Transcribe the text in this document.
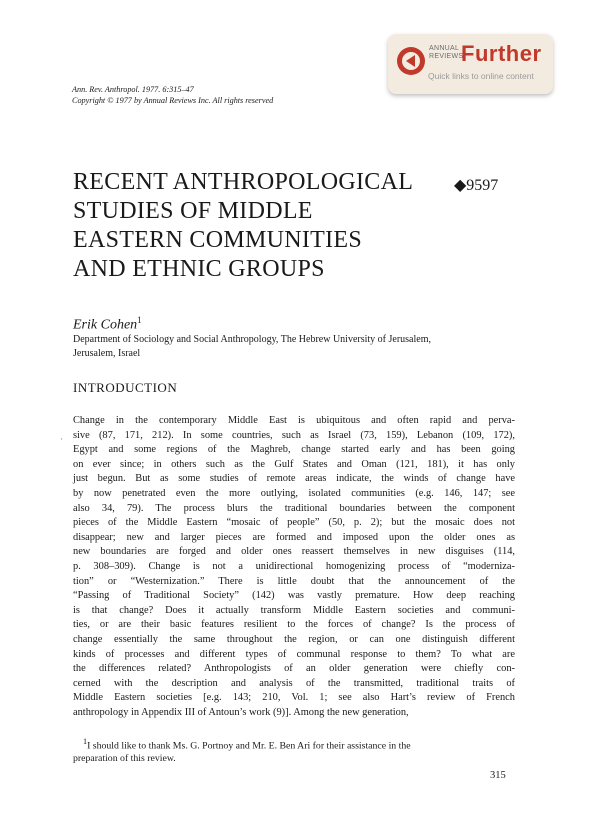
ANNUAL
REVIEWS
Further
Quick links to online content
Ann. Rev. Anthropol. 1977. 6:315–47
Copyright © 1977 by Annual Reviews Inc. All rights reserved
RECENT ANTHROPOLOGICAL
STUDIES OF MIDDLE
EASTERN COMMUNITIES
AND ETHNIC GROUPS
◆9597
Erik Cohen$^1$
Department of Sociology and Social Anthropology, The Hebrew University of Jerusalem,
Jerusalem, Israel
INTRODUCTION
·
Change in the contemporary Middle East is ubiquitous and often rapid and perva-
sive (87, 171, 212). In some countries, such as Israel (73, 159), Lebanon (109, 172),
Egypt and some regions of the Maghreb, change started early and has been going
on ever since; in others such as the Gulf States and Oman (121, 181), it has only
just begun. But as some studies of remote areas indicate, the winds of change have
by now penetrated even the more outlying, isolated communities (e.g. 146, 147; see
also 34, 79). The process blurs the traditional boundaries between the component
pieces of the Middle Eastern “mosaic of people” (50, p. 2); but the mosaic does not
disappear; new and larger pieces are formed and imposed upon the older ones as
new boundaries are forged and older ones reassert themselves in new disguises (114,
p. 308–309). Change is not a unidirectional homogenizing process of “moderniza-
tion” or “Westernization.” There is little doubt that the announcement of the
“Passing of Traditional Society” (142) was vastly premature. How deep reaching
is that change? Does it actually transform Middle Eastern societies and communi-
ties, or are their basic features resilient to the forces of change? Is the process of
change essentially the same throughout the region, or can one distinguish different
kinds of processes and different types of communal response to them? To what are
the differences related? Anthropologists of an older generation were chiefly con-
cerned with the description and analysis of the transmitted, traditional traits of
Middle Eastern societies [e.g. 143; 210, Vol. 1; see also Hart’s review of French
anthropology in Appendix III of Antoun’s work (9)]. Among the new generation,
$^1$I should like to thank Ms. G. Portnoy and Mr. E. Ben Ari for their assistance in the
preparation of this review.
315
